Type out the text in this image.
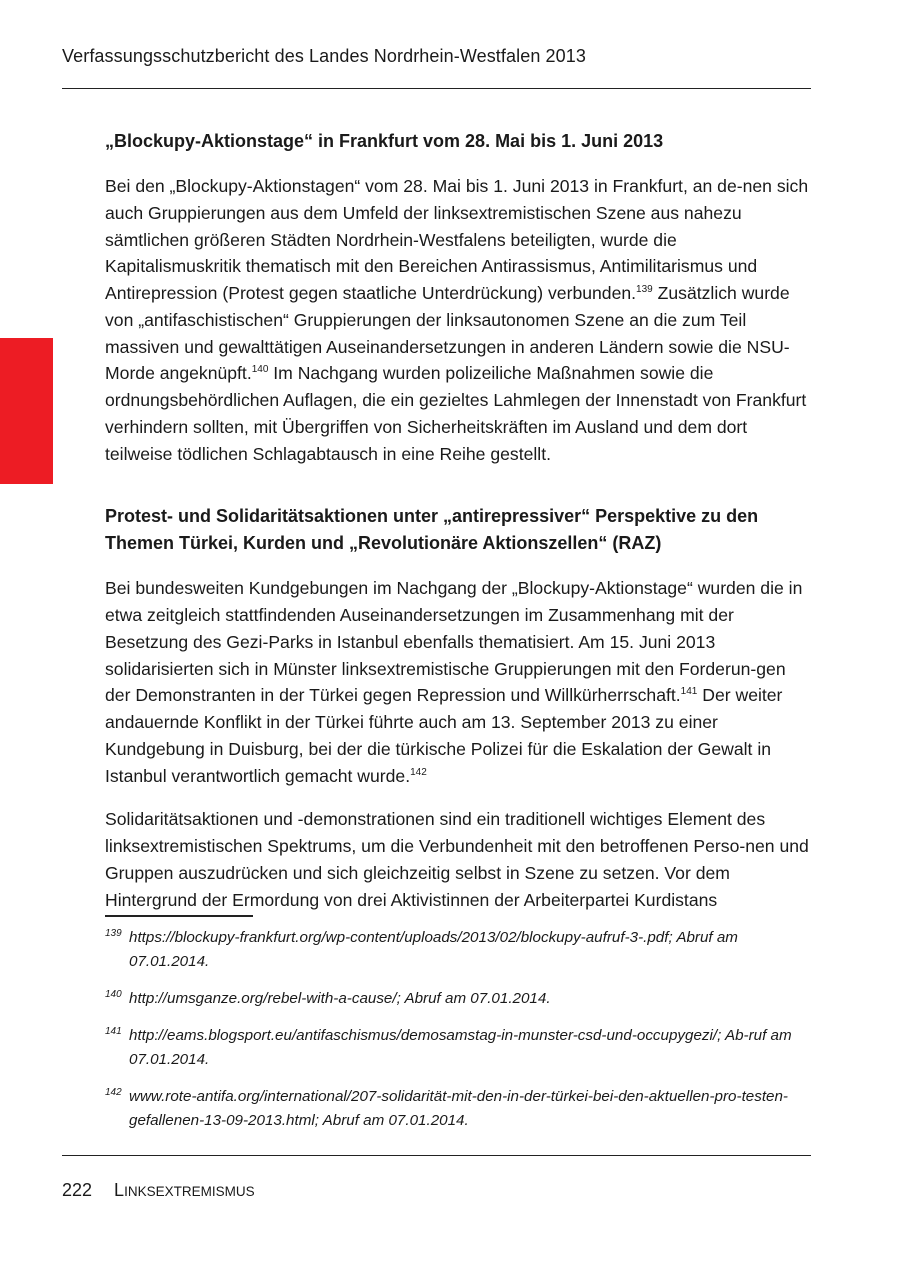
Verfassungsschutzbericht des Landes Nordrhein-Westfalen 2013
„Blockupy-Aktionstage“ in Frankfurt vom 28. Mai bis 1. Juni 2013

Bei den „Blockupy-Aktionstagen“ vom 28. Mai bis 1. Juni 2013 in Frankfurt, an de-nen sich auch Gruppierungen aus dem Umfeld der linksextremistischen Szene aus nahezu sämtlichen größeren Städten Nordrhein-Westfalens beteiligten, wurde die Kapitalismuskritik thematisch mit den Bereichen Antirassismus, Antimilitarismus und Antirepression (Protest gegen staatliche Unterdrückung) verbunden.$^{139}$ Zusätzlich wurde von „antifaschistischen“ Gruppierungen der linksautonomen Szene an die zum Teil massiven und gewalttätigen Auseinandersetzungen in anderen Ländern sowie die NSU-Morde angeknüpft.$^{140}$ Im Nachgang wurden polizeiliche Maßnahmen sowie die ordnungsbehördlichen Auflagen, die ein gezieltes Lahmlegen der Innenstadt von Frankfurt verhindern sollten, mit Übergriffen von Sicherheitskräften im Ausland und dem dort teilweise tödlichen Schlagabtausch in eine Reihe gestellt.

Protest- und Solidaritätsaktionen unter „antirepressiver“ Perspektive zu den Themen Türkei, Kurden und „Revolutionäre Aktionszellen“ (RAZ)

Bei bundesweiten Kundgebungen im Nachgang der „Blockupy-Aktionstage“ wurden die in etwa zeitgleich stattfindenden Auseinandersetzungen im Zusammenhang mit der Besetzung des Gezi-Parks in Istanbul ebenfalls thematisiert. Am 15. Juni 2013 solidarisierten sich in Münster linksextremistische Gruppierungen mit den Forderun-gen der Demonstranten in der Türkei gegen Repression und Willkürherrschaft.$^{141}$ Der weiter andauernde Konflikt in der Türkei führte auch am 13. September 2013 zu einer Kundgebung in Duisburg, bei der die türkische Polizei für die Eskalation der Gewalt in Istanbul verantwortlich gemacht wurde.$^{142}$

Solidaritätsaktionen und -demonstrationen sind ein traditionell wichtiges Element des linksextremistischen Spektrums, um die Verbundenheit mit den betroffenen Perso-nen und Gruppen auszudrücken und sich gleichzeitig selbst in Szene zu setzen. Vor dem Hintergrund der Ermordung von drei Aktivistinnen der Arbeiterpartei Kurdistans

139 https://blockupy-frankfurt.org/wp-content/uploads/2013/02/blockupy-aufruf-3-.pdf; Abruf am 07.01.2014.

140 http://umsganze.org/rebel-with-a-cause/; Abruf am 07.01.2014.

141 http://eams.blogsport.eu/antifaschismus/demosamstag-in-munster-csd-und-occupygezi/; Ab-ruf am 07.01.2014.

142 www.rote-antifa.org/international/207-solidarität-mit-den-in-der-türkei-bei-den-aktuellen-pro-testen-gefallenen-13-09-2013.html; Abruf am 07.01.2014.

222 LINKSEXTREMISMUS
